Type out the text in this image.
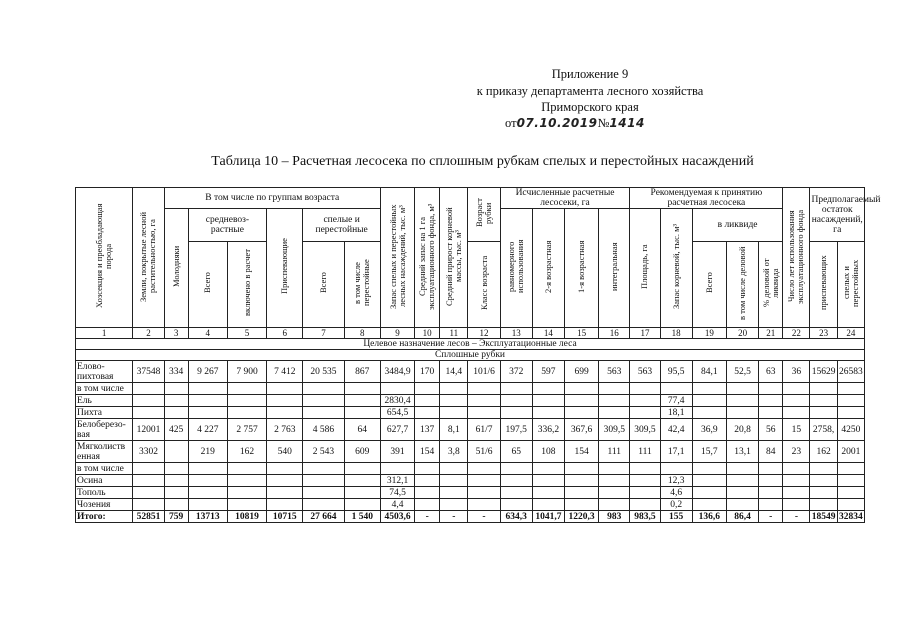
Приложение 9
к приказу департамента лесного хозяйства
Приморского края
от07.10.2019№1414
Таблица 10 – Расчетная лесосека по сплошным рубкам спелых и перестойных насаждений
Хозсекция и преобладающая порода	Земли, покрытые лесной растительностью, га	В том числе по группам возраста						Запас спелых и перестойных лесных насаждений, тыс. м³	Средний запас на 1 га эксплуатационного фонда, м³	Средний прирост корневой массы, тыс. м³	Возраст рубки	Исчисленные расчетные лесосеки, га				Рекомендуемая к принятию расчетная лесосека					Число лет использования эксплуатационного фонда	Предполагаемый остаток насаждений, га	
		Молодняки	средневоз-растные		Приспевающие	спелые и перестойные						равномерного использования	2-я возрастная	1-я возрастная	интегральная	Площадь, га	Запас корневой, тыс. м³	в ликвиде					
			Всего	включено в расчет		Всего	в том числе перестойные				Класс возраста							Всего	в том числе деловой	% деловой от ликвида		приспевающих	спелых и перестойных
1	2	3	4	5	6	7	8	9	10	11	12	13	14	15	16	17	18	19	20	21	22	23	24
Целевое назначение лесов – Эксплуатационные леса																							
Сплошные рубки																							
Елово-пихтовая	37548	334	9 267	7 900	7 412	20 535	867	3484,9	170	14,4	101/6	372	597	699	563	563	95,5	84,1	52,5	63	36	15629	26583
в том числе																							
Ель								2830,4									77,4						
Пихта								654,5									18,1						
Белоберезо-вая	12001	425	4 227	2 757	2 763	4 586	64	627,7	137	8,1	61/7	197,5	336,2	367,6	309,5	309,5	42,4	36,9	20,8	56	15	2758,	4250
Мягколиств енная	3302		219	162	540	2 543	609	391	154	3,8	51/6	65	108	154	111	111	17,1	15,7	13,1	84	23	162	2001
в том числе																							
Осина								312,1									12,3						
Тополь								74,5									4,6						
Чозения								4,4									0,2						
Итого:	52851	759	13713	10819	10715	27 664	1 540	4503,6	-	-	-	634,3	1041,7	1220,3	983	983,5	155	136,6	86,4	-	-	18549	32834
